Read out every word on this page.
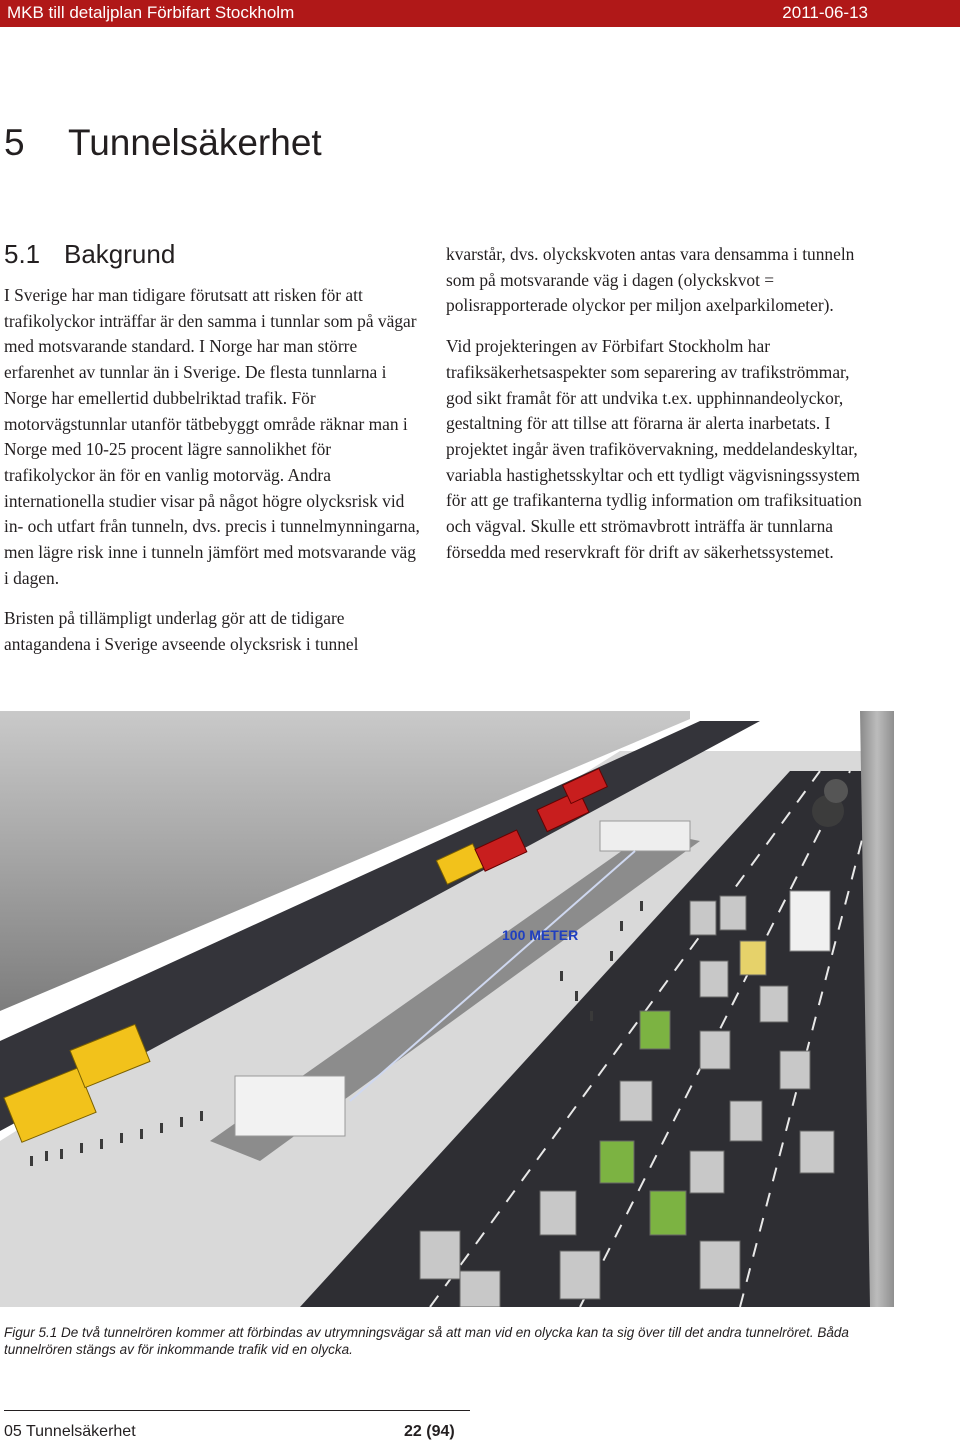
MKB till detaljplan Förbifart Stockholm	2011-06-13
5 Tunnelsäkerhet
5.1 Bakgrund

I Sverige har man tidigare förutsatt att risken för att trafikolyckor inträffar är den samma i tunnlar som på vägar med motsvarande standard. I Norge har man större erfarenhet av tunnlar än i Sverige. De flesta tunnlarna i Norge har emellertid dubbelriktad trafik. För motorvägstunnlar utanför tätbebyggt område räknar man i Norge med 10-25 procent lägre sannolikhet för trafikolyckor än för en vanlig motorväg. Andra internationella studier visar på något högre olycksrisk vid in- och utfart från tunneln, dvs. precis i tunnelmynningarna, men lägre risk inne i tunneln jämfört med motsvarande väg i dagen.

Bristen på tillämpligt underlag gör att de tidigare antagandena i Sverige avseende olycksrisk i tunnel

kvarstår, dvs. olyckskvoten antas vara densamma i tunneln som på motsvarande väg i dagen (olyckskvot = polisrapporterade olyckor per miljon axelparkilometer).

Vid projekteringen av Förbifart Stockholm har trafiksäkerhetsaspekter som separering av trafikströmmar, god sikt framåt för att undvika t.ex. upphinnandeolyckor, gestaltning för att tillse att förarna är alerta inarbetats. I projektet ingår även trafikövervakning, meddelandeskyltar, variabla hastighetsskyltar och ett tydligt vägvisningssystem för att ge trafikanterna tydlig information om trafiksituation och vägval. Skulle ett strömavbrott inträffa är tunnlarna försedda med reservkraft för drift av säkerhetssystemet.

100 METER
Figur 5.1 De två tunnelrören kommer att förbindas av utrymningsvägar så att man vid en olycka kan ta sig över till det andra tunnelröret. Båda tunnelrören stängs av för inkommande trafik vid en olycka.
05 Tunnelsäkerhet	22 (94)
